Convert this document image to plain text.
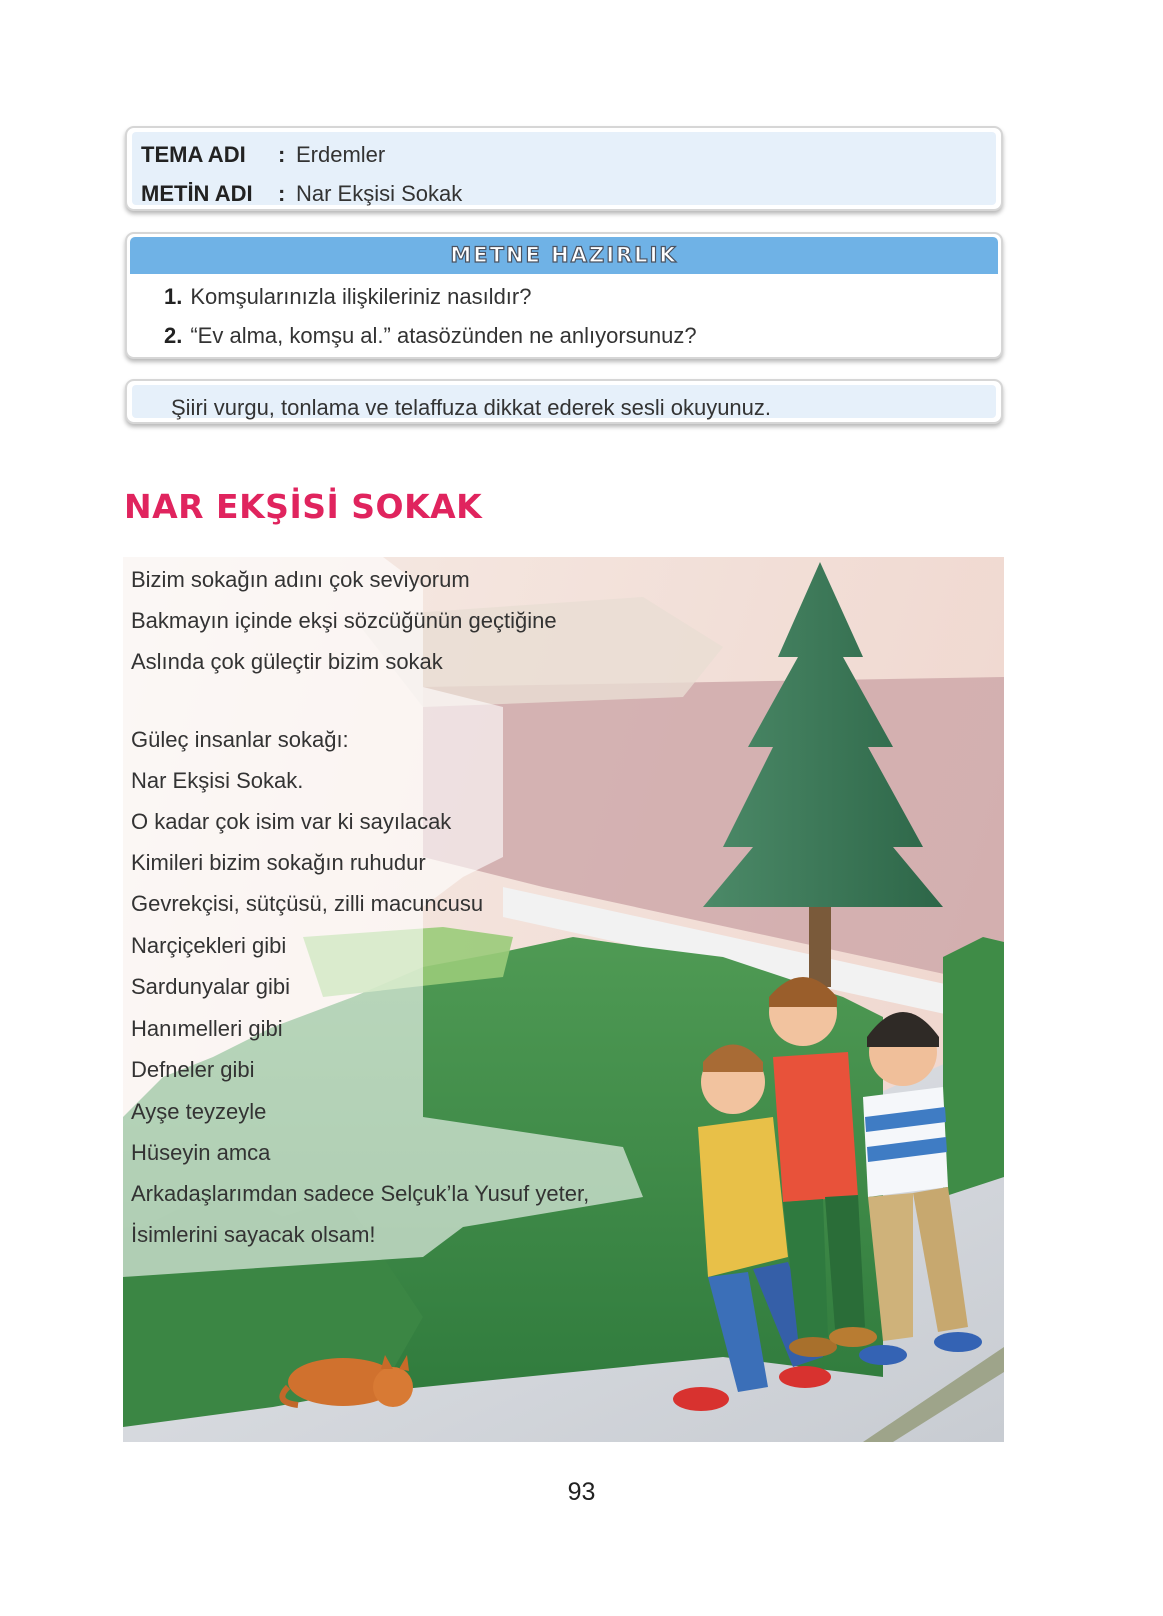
TEMA ADI : Erdemler
METİN ADI : Nar Ekşisi Sokak
METNE HAZIRLIK
1. Komşularınızla ilişkileriniz nasıldır?
2. “Ev alma, komşu al.” atasözünden ne anlıyorsunuz?
Şiiri vurgu, tonlama ve telaffuza dikkat ederek sesli okuyunuz.
NAR EKŞİSİ SOKAK
Bizim sokağın adını çok seviyorum
Bakmayın içinde ekşi sözcüğünün geçtiğine
Aslında çok güleçtir bizim sokak
Güleç insanlar sokağı:
Nar Ekşisi Sokak.
O kadar çok isim var ki sayılacak
Kimileri bizim sokağın ruhudur
Gevrekçisi, sütçüsü, zilli macuncusu
Narçiçekleri gibi
Sardunyalar gibi
Hanımelleri gibi
Defneler gibi
Ayşe teyzeyle
Hüseyin amca
Arkadaşlarımdan sadece Selçuk’la Yusuf yeter,
İsimlerini sayacak olsam!
93
